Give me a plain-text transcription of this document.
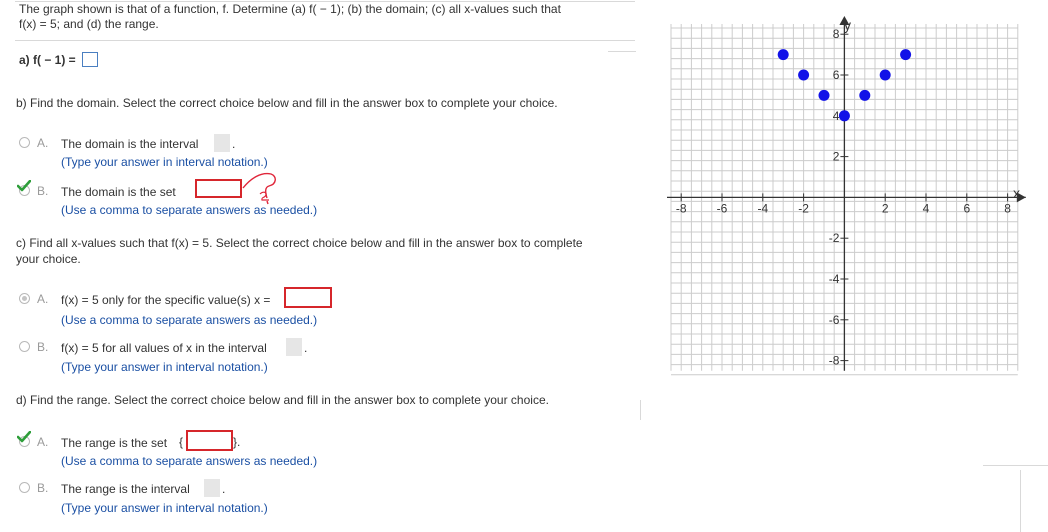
The graph shown is that of a function, f. Determine (a) f( − 1); (b) the domain; (c) all x-values such that
f(x) = 5; and (d) the range.
a) f( − 1) =
b) Find the domain. Select the correct choice below and fill in the answer box to complete your choice.
A. The domain is the interval	.
(Type your answer in interval notation.)
B. The domain is the set
(Use a comma to separate answers as needed.)
c) Find all x-values such that f(x) = 5. Select the correct choice below and fill in the answer box to complete
your choice.
A. f(x) = 5 only for the specific value(s) x =
(Use a comma to separate answers as needed.)
B. f(x) = 5 for all values of x in the interval	.
(Type your answer in interval notation.)
d) Find the range. Select the correct choice below and fill in the answer box to complete your choice.
A. The range is the set {	}.
(Use a comma to separate answers as needed.)
B. The range is the interval	.
(Type your answer in interval notation.)
-8	-6	-4	-2	2	4	6	8
8
6
4
2
-2
-4
-6
-8
x
y
